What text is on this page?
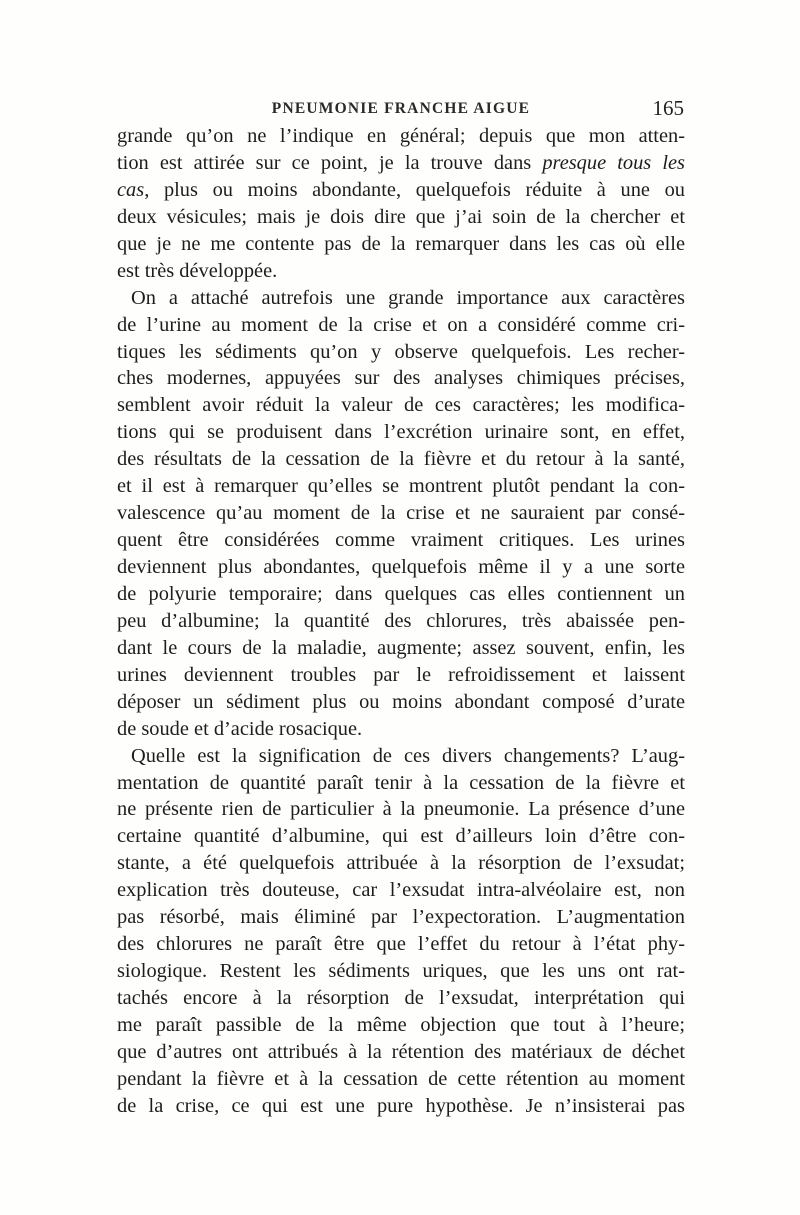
PNEUMONIE FRANCHE AIGUE	165
grande qu’on ne l’indique en général; depuis que mon atten-
tion est attirée sur ce point, je la trouve dans presque tous les
cas, plus ou moins abondante, quelquefois réduite à une ou
deux vésicules; mais je dois dire que j’ai soin de la chercher et
que je ne me contente pas de la remarquer dans les cas où elle
est très développée.
On a attaché autrefois une grande importance aux caractères
de l’urine au moment de la crise et on a considéré comme cri-
tiques les sédiments qu’on y observe quelquefois. Les recher-
ches modernes, appuyées sur des analyses chimiques précises,
semblent avoir réduit la valeur de ces caractères; les modifica-
tions qui se produisent dans l’excrétion urinaire sont, en effet,
des résultats de la cessation de la fièvre et du retour à la santé,
et il est à remarquer qu’elles se montrent plutôt pendant la con-
valescence qu’au moment de la crise et ne sauraient par consé-
quent être considérées comme vraiment critiques. Les urines
deviennent plus abondantes, quelquefois même il y a une sorte
de polyurie temporaire; dans quelques cas elles contiennent un
peu d’albumine; la quantité des chlorures, très abaissée pen-
dant le cours de la maladie, augmente; assez souvent, enfin, les
urines deviennent troubles par le refroidissement et laissent
déposer un sédiment plus ou moins abondant composé d’urate
de soude et d’acide rosacique.
Quelle est la signification de ces divers changements? L’aug-
mentation de quantité paraît tenir à la cessation de la fièvre et
ne présente rien de particulier à la pneumonie. La présence d’une
certaine quantité d’albumine, qui est d’ailleurs loin d’être con-
stante, a été quelquefois attribuée à la résorption de l’exsudat;
explication très douteuse, car l’exsudat intra-alvéolaire est, non
pas résorbé, mais éliminé par l’expectoration. L’augmentation
des chlorures ne paraît être que l’effet du retour à l’état phy-
siologique. Restent les sédiments uriques, que les uns ont rat-
tachés encore à la résorption de l’exsudat, interprétation qui
me paraît passible de la même objection que tout à l’heure;
que d’autres ont attribués à la rétention des matériaux de déchet
pendant la fièvre et à la cessation de cette rétention au moment
de la crise, ce qui est une pure hypothèse. Je n’insisterai pas
